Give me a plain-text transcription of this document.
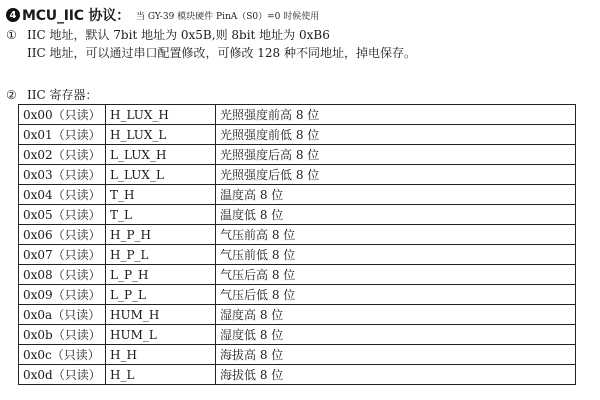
4 MCU_IIC 协议： 当 GY-39 模块硬件 PinA（S0）=0 时候使用
① IIC 地址，默认 7bit 地址为 0x5B,则 8bit 地址为 0xB6
IIC 地址，可以通过串口配置修改，可修改 128 种不同地址，掉电保存。
② IIC 寄存器：
0x00（只读）	H_LUX_H	光照强度前高 8 位
0x01（只读）	H_LUX_L	光照强度前低 8 位
0x02（只读）	L_LUX_H	光照强度后高 8 位
0x03（只读）	L_LUX_L	光照强度后低 8 位
0x04（只读）	T_H	温度高 8 位
0x05（只读）	T_L	温度低 8 位
0x06（只读）	H_P_H	气压前高 8 位
0x07（只读）	H_P_L	气压前低 8 位
0x08（只读）	L_P_H	气压后高 8 位
0x09（只读）	L_P_L	气压后低 8 位
0x0a（只读）	HUM_H	湿度高 8 位
0x0b（只读）	HUM_L	湿度低 8 位
0x0c（只读）	H_H	海拔高 8 位
0x0d（只读）	H_L	海拔低 8 位
